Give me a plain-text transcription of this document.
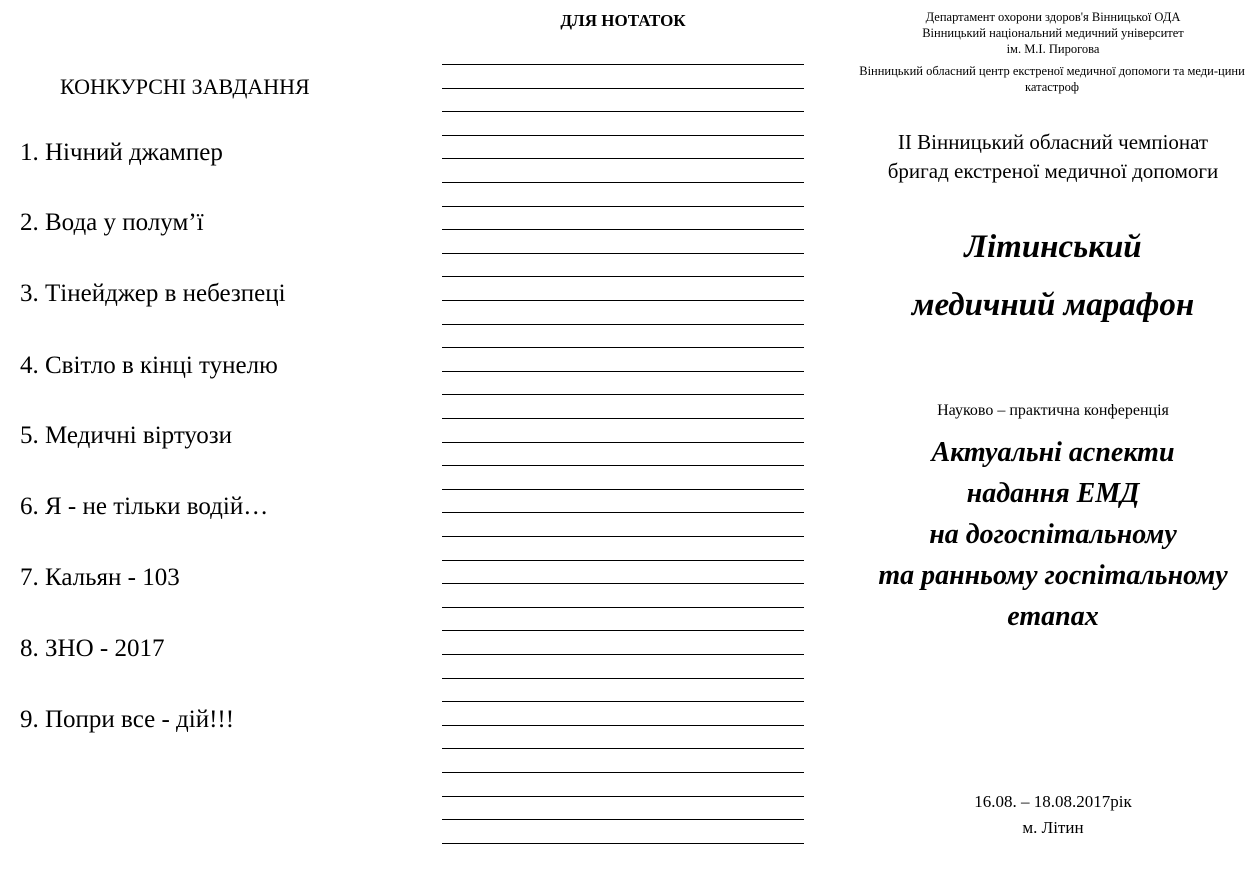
КОНКУРСНІ ЗАВДАННЯ
1. Нічний джампер
2. Вода у полум’ї
3. Тінейджер в небезпеці
4. Світло в кінці тунелю
5. Медичні віртуози
6. Я - не тільки водій…
7. Кальян - 103
8. ЗНО - 2017
9. Попри все - дій!!!
ДЛЯ НОТАТОК	Департамент охорони здоров'я Вінницької ОДА
Вінницький національний медичний університет
ім. М.І. Пирогова
Вінницький обласний центр екстреної медичної допомоги та меди-цини катастроф
ІІ Вінницький обласний чемпіонат
бригад екстреної медичної допомоги
Літинський
медичний марафон
Науково – практична конференція
Актуальні аспекти
надання ЕМД
на догоспітальному
та ранньому госпітальному
етапах
16.08. – 18.08.2017рік
м. Літин
